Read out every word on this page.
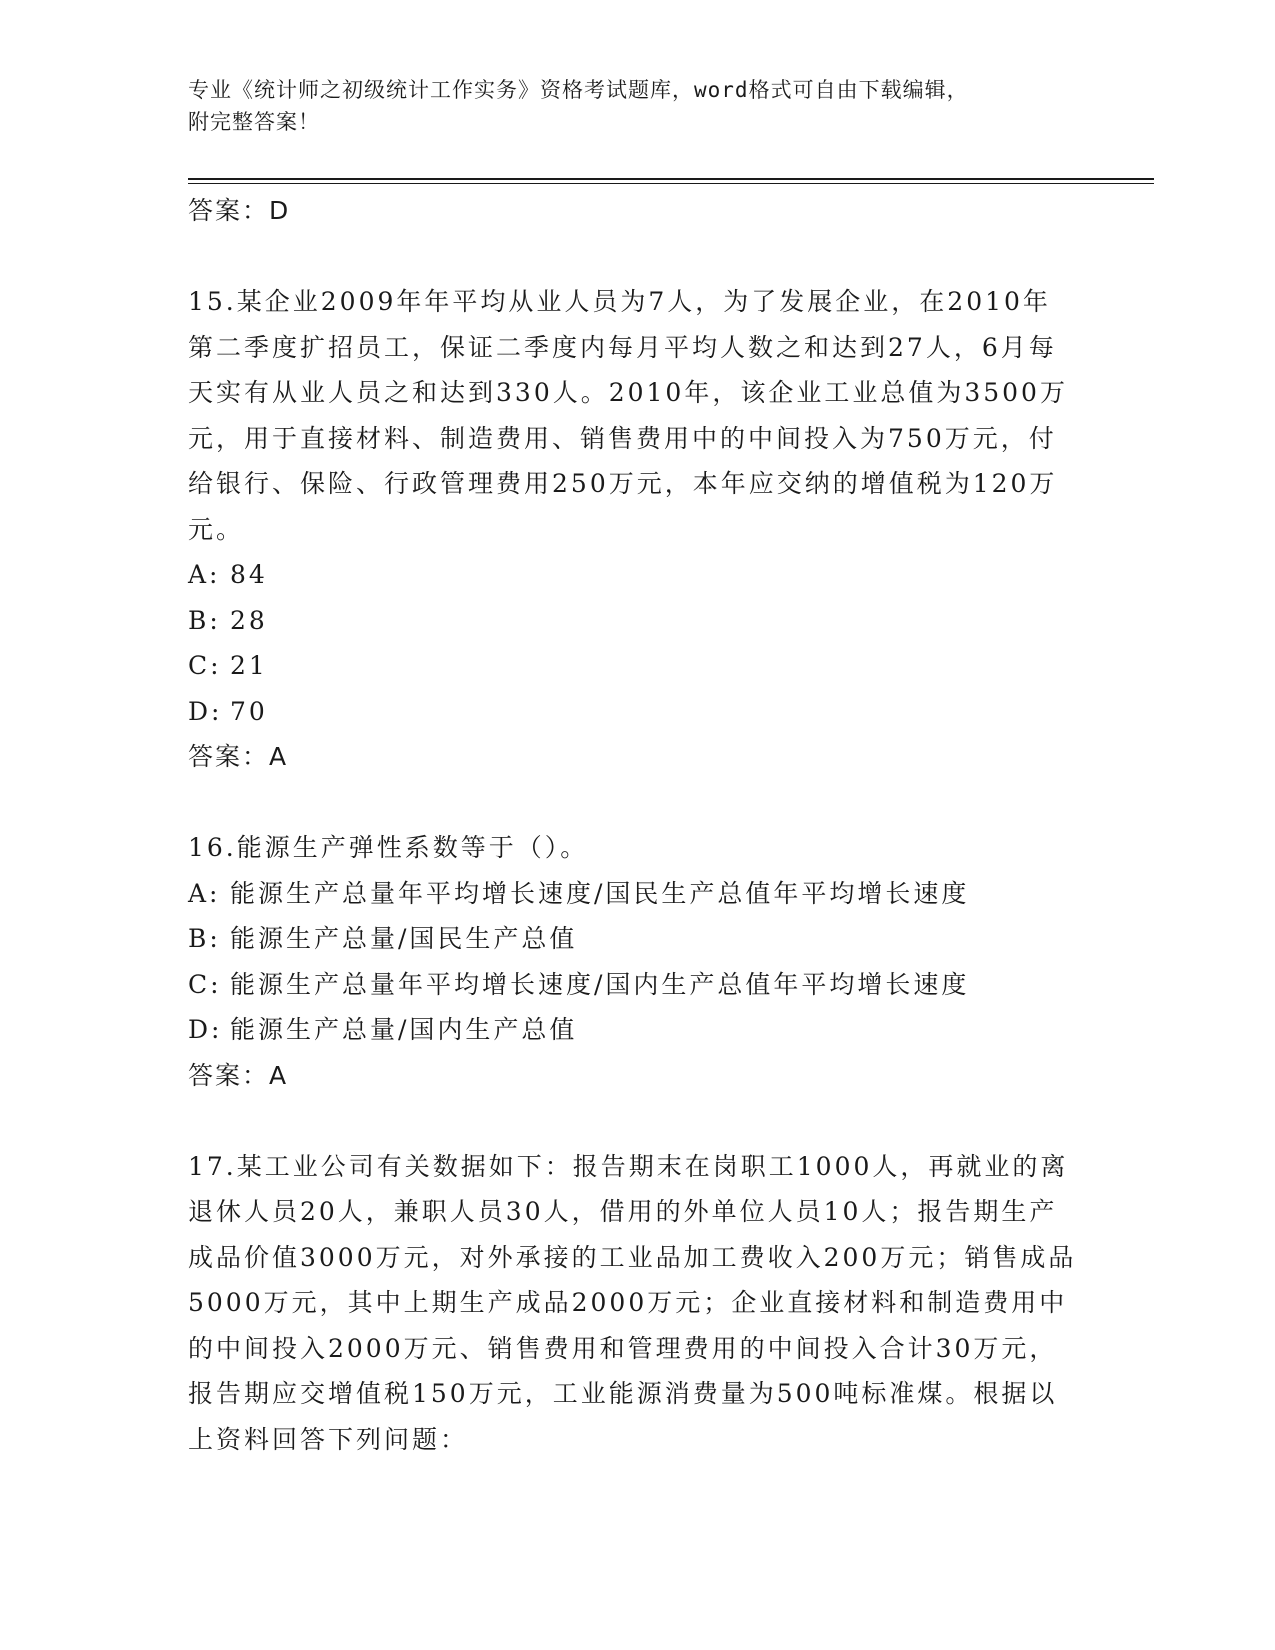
专业《统计师之初级统计工作实务》资格考试题库，word格式可自由下载编辑，
附完整答案！
答案：D

15.某企业2009年年平均从业人员为7人，为了发展企业，在2010年第二季度扩招员工，保证二季度内每月平均人数之和达到27人，6月每天实有从业人员之和达到330人。2010年，该企业工业总值为3500万元，用于直接材料、制造费用、销售费用中的中间投入为750万元，付给银行、保险、行政管理费用250万元，本年应交纳的增值税为120万元。

A: 84
B: 28
C: 21
D: 70
答案：A

16.能源生产弹性系数等于（）。

A: 能源生产总量年平均增长速度/国民生产总值年平均增长速度
B: 能源生产总量/国民生产总值
C: 能源生产总量年平均增长速度/国内生产总值年平均增长速度
D: 能源生产总量/国内生产总值
答案：A

17.某工业公司有关数据如下：报告期末在岗职工1000人，再就业的离退休人员20人，兼职人员30人，借用的外单位人员10人；报告期生产成品价值3000万元，对外承接的工业品加工费收入200万元；销售成品5000万元，其中上期生产成品2000万元；企业直接材料和制造费用中的中间投入2000万元、销售费用和管理费用的中间投入合计30万元，报告期应交增值税150万元，工业能源消费量为500吨标准煤。根据以上资料回答下列问题：
